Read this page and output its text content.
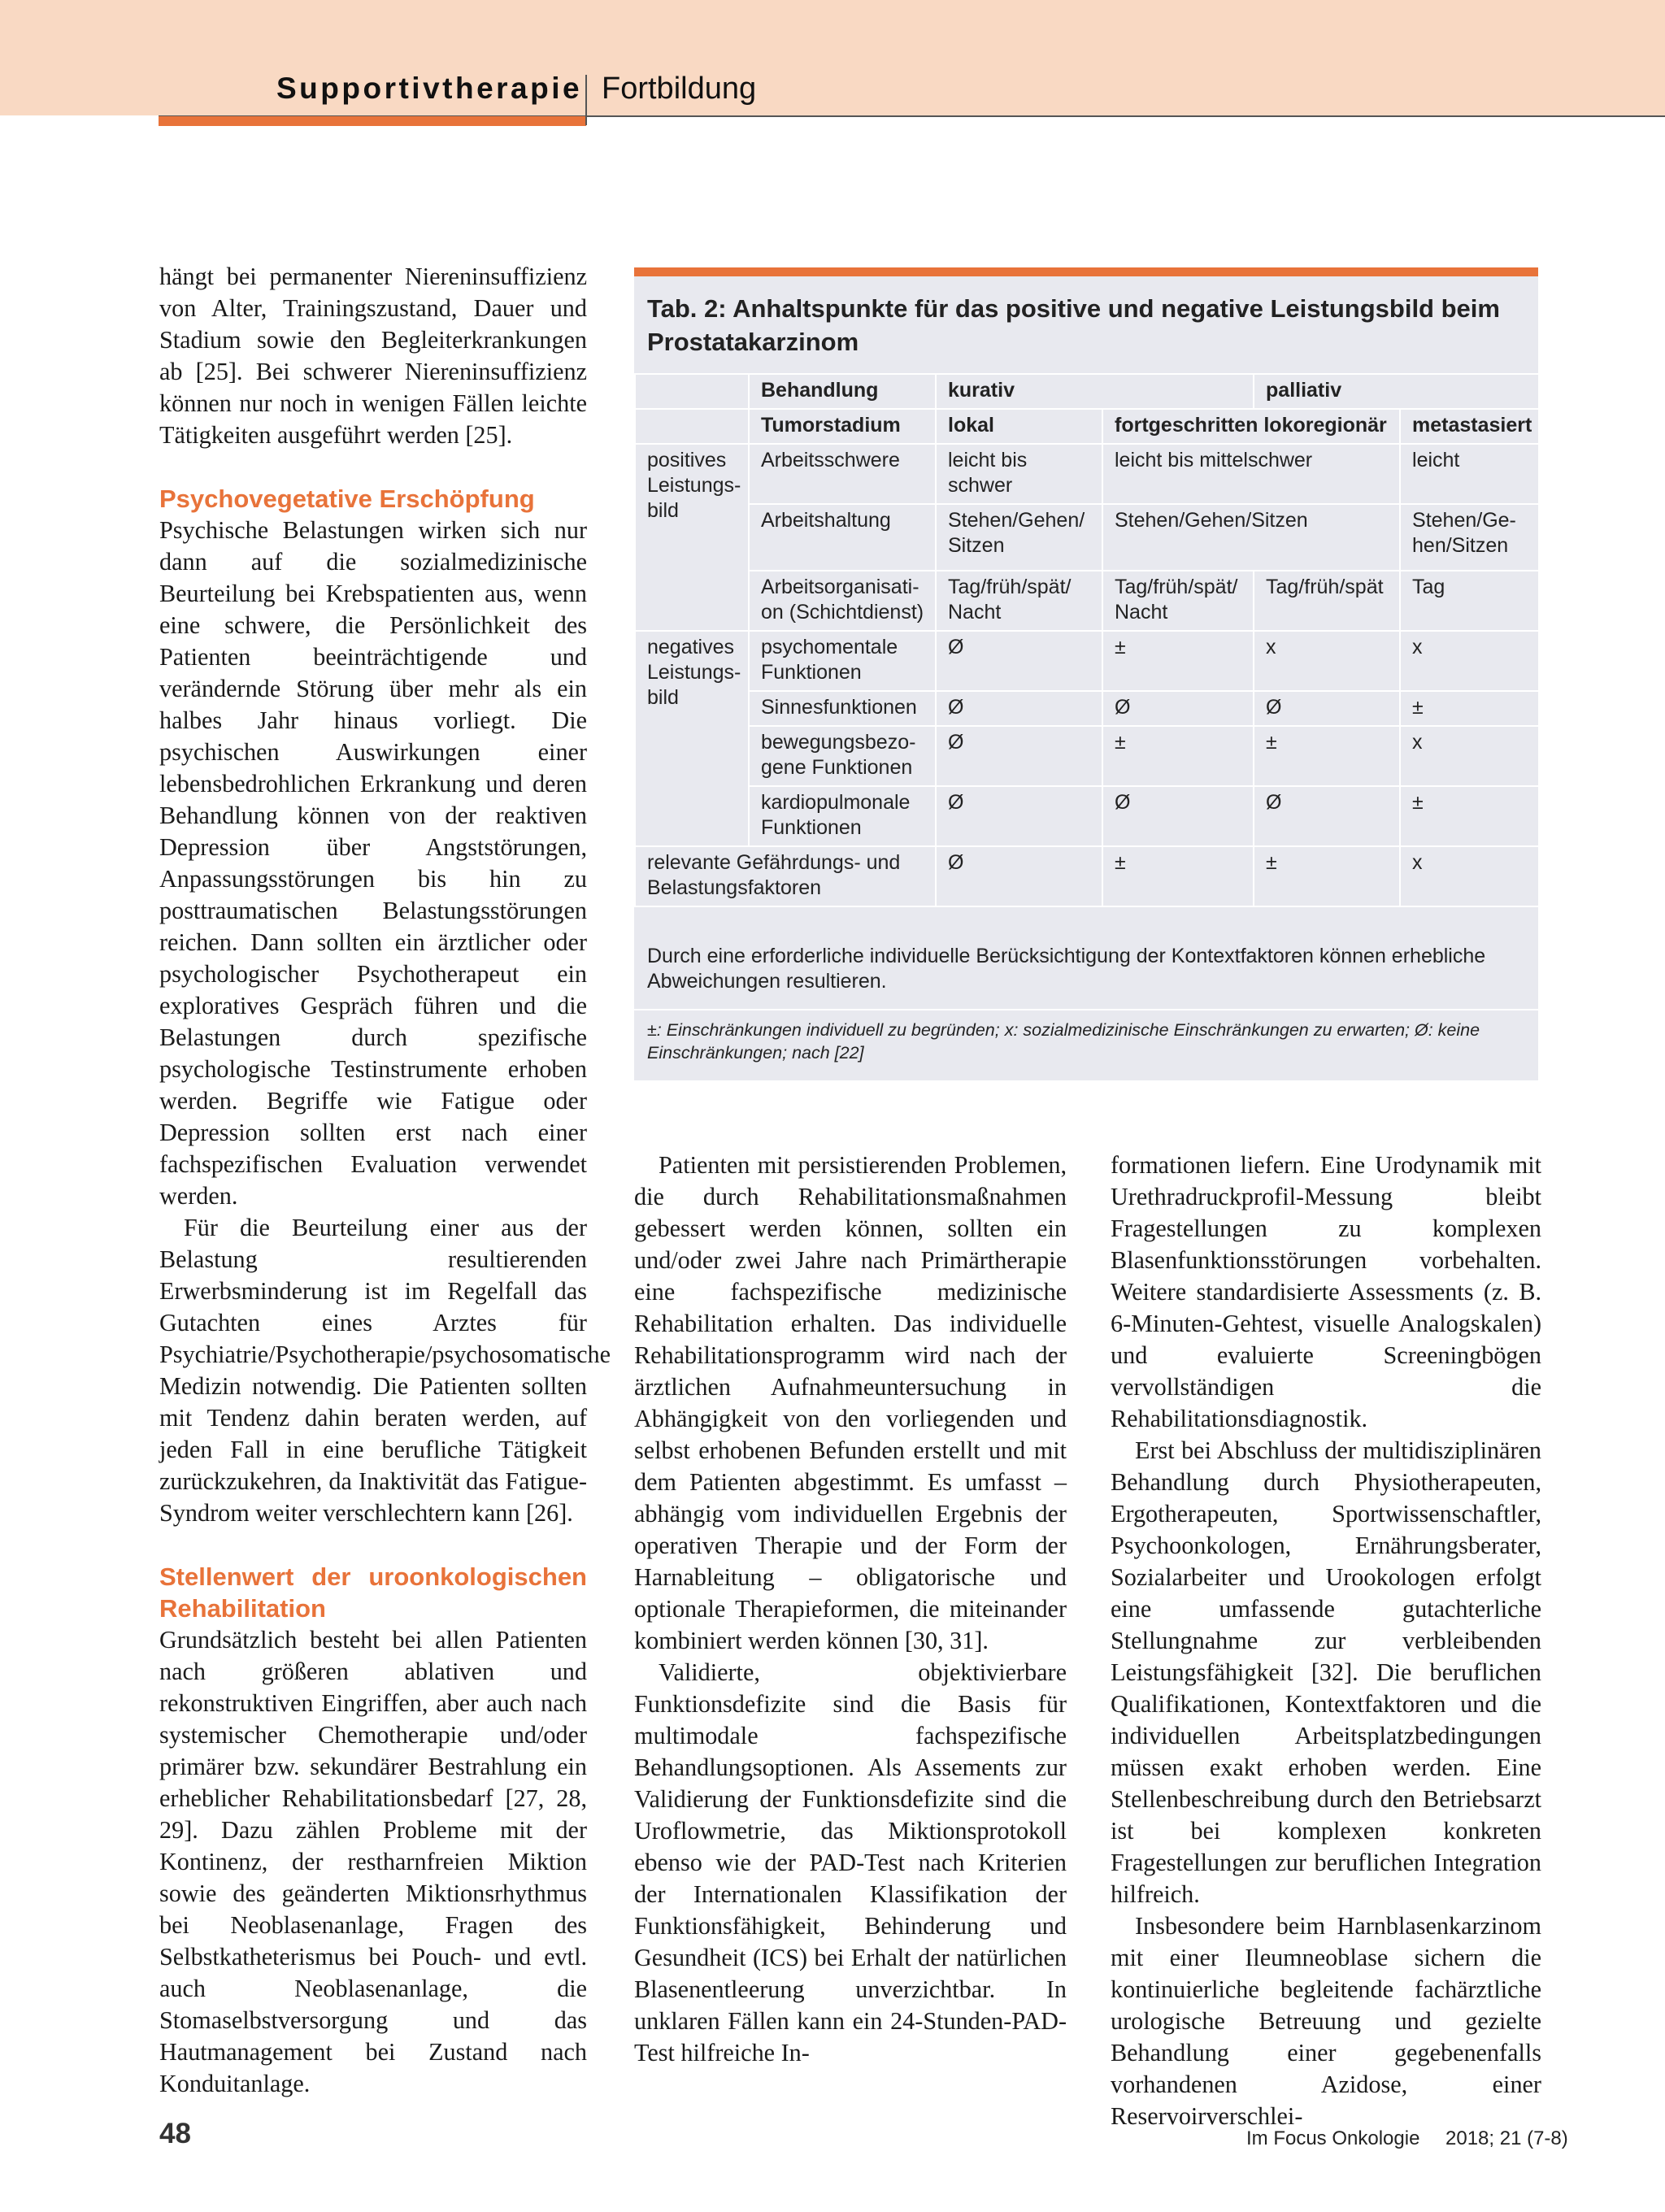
Supportivtherapie Fortbildung

hängt bei permanenter Niereninsuffizienz von Alter, Trainingszustand, Dauer und Stadium sowie den Begleiterkrankungen ab [25]. Bei schwerer Niereninsuffizienz können nur noch in wenigen Fällen leichte Tätigkeiten ausgeführt werden [25].

Psychovegetative Erschöpfung

Psychische Belastungen wirken sich nur dann auf die sozialmedizinische Beurteilung bei Krebspatienten aus, wenn eine schwere, die Persönlichkeit des Patienten beeinträchtigende und verändernde Störung über mehr als ein halbes Jahr hinaus vorliegt. Die psychischen Auswirkungen einer lebensbedrohlichen Erkrankung und deren Behandlung können von der reaktiven Depression über Angststörungen, Anpassungsstörungen bis hin zu posttraumatischen Belastungsstörungen reichen. Dann sollten ein ärztlicher oder psychologischer Psychotherapeut ein exploratives Gespräch führen und die Belastungen durch spezifische psychologische Testinstrumente erhoben werden. Begriffe wie Fatigue oder Depression sollten erst nach einer fachspezifischen Evaluation verwendet werden.

Für die Beurteilung einer aus der Belastung resultierenden Erwerbsminderung ist im Regelfall das Gutachten eines Arztes für Psychiatrie/Psychotherapie/psychosomatische Medizin notwendig. Die Patienten sollten mit Tendenz dahin beraten werden, auf jeden Fall in eine berufliche Tätigkeit zurückzukehren, da Inaktivität das Fatigue-Syndrom weiter verschlechtern kann [26].

Stellenwert der uroonkologischen Rehabilitation

Grundsätzlich besteht bei allen Patienten nach größeren ablativen und rekonstruktiven Eingriffen, aber auch nach systemischer Chemotherapie und/oder primärer bzw. sekundärer Bestrahlung ein erheblicher Rehabilitationsbedarf [27, 28, 29]. Dazu zählen Probleme mit der Kontinenz, der restharnfreien Miktion sowie des geänderten Miktionsrhythmus bei Neoblasenanlage, Fragen des Selbstkatheterismus bei Pouch- und evtl. auch Neoblasenanlage, die Stomaselbstversorgung und das Hautmanagement bei Zustand nach Konduitanlage.

Tab. 2: Anhaltspunkte für das positive und negative Leistungsbild beim Prostatakarzinom
	Behandlung	kurativ		palliativ	
	Tumorstadium	lokal	fortgeschritten lokoregionär		metastasiert
positives Leistungs-bild	Arbeitsschwere	leicht bis schwer	leicht bis mittelschwer		leicht
	Arbeitshaltung	Stehen/Gehen/ Sitzen	Stehen/Gehen/Sitzen		Stehen/Ge-hen/Sitzen
	Arbeitsorganisati-on (Schichtdienst)	Tag/früh/spät/ Nacht	Tag/früh/spät/ Nacht	Tag/früh/spät	Tag
negatives Leistungs-bild	psychomentale Funktionen	Ø	±	x	x
	Sinnesfunktionen	Ø	Ø	Ø	±
	bewegungsbezo-gene Funktionen	Ø	±	±	x
	kardiopulmonale Funktionen	Ø	Ø	Ø	±
relevante Gefährdungs- und Belastungsfaktoren		Ø	±	±	x
Durch eine erforderliche individuelle Berücksichtigung der Kontextfaktoren können erhebliche Abweichungen resultieren.
±: Einschränkungen individuell zu begründen; x: sozialmedizinische Einschränkungen zu erwarten; Ø: keine Einschränkungen; nach [22]

Patienten mit persistierenden Problemen, die durch Rehabilitationsmaßnahmen gebessert werden können, sollten ein und/oder zwei Jahre nach Primärtherapie eine fachspezifische medizinische Rehabilitation erhalten. Das individuelle Rehabilitationsprogramm wird nach der ärztlichen Aufnahmeuntersuchung in Abhängigkeit von den vorliegenden und selbst erhobenen Befunden erstellt und mit dem Patienten abgestimmt. Es umfasst – abhängig vom individuellen Ergebnis der operativen Therapie und der Form der Harnableitung – obligatorische und optionale Therapieformen, die miteinander kombiniert werden können [30, 31].

Validierte, objektivierbare Funktionsdefizite sind die Basis für multimodale fachspezifische Behandlungsoptionen. Als Assements zur Validierung der Funktionsdefizite sind die Uroflowmetrie, das Miktionsprotokoll ebenso wie der PAD-Test nach Kriterien der Internationalen Klassifikation der Funktionsfähigkeit, Behinderung und Gesundheit (ICS) bei Erhalt der natürlichen Blasenentleerung unverzichtbar. In unklaren Fällen kann ein 24-Stunden-PAD-Test hilfreiche In-

formationen liefern. Eine Urodynamik mit Urethradruckprofil-Messung bleibt Fragestellungen zu komplexen Blasenfunktionsstörungen vorbehalten. Weitere standardisierte Assessments (z. B. 6-Minuten-Gehtest, visuelle Analogskalen) und evaluierte Screeningbögen vervollständigen die Rehabilitationsdiagnostik.

Erst bei Abschluss der multidisziplinären Behandlung durch Physiotherapeuten, Ergotherapeuten, Sportwissenschaftler, Psychoonkologen, Ernährungsberater, Sozialarbeiter und Urookologen erfolgt eine umfassende gutachterliche Stellungnahme zur verbleibenden Leistungsfähigkeit [32]. Die beruflichen Qualifikationen, Kontextfaktoren und die individuellen Arbeitsplatzbedingungen müssen exakt erhoben werden. Eine Stellenbeschreibung durch den Betriebsarzt ist bei komplexen konkreten Fragestellungen zur beruflichen Integration hilfreich.

Insbesondere beim Harnblasenkarzinom mit einer Ileumneoblase sichern die kontinuierliche begleitende fachärztliche urologische Betreuung und gezielte Behandlung einer gegebenenfalls vorhandenen Azidose, einer Reservoirverschlei-

48	Im Focus Onkologie 2018; 21 (7-8)
